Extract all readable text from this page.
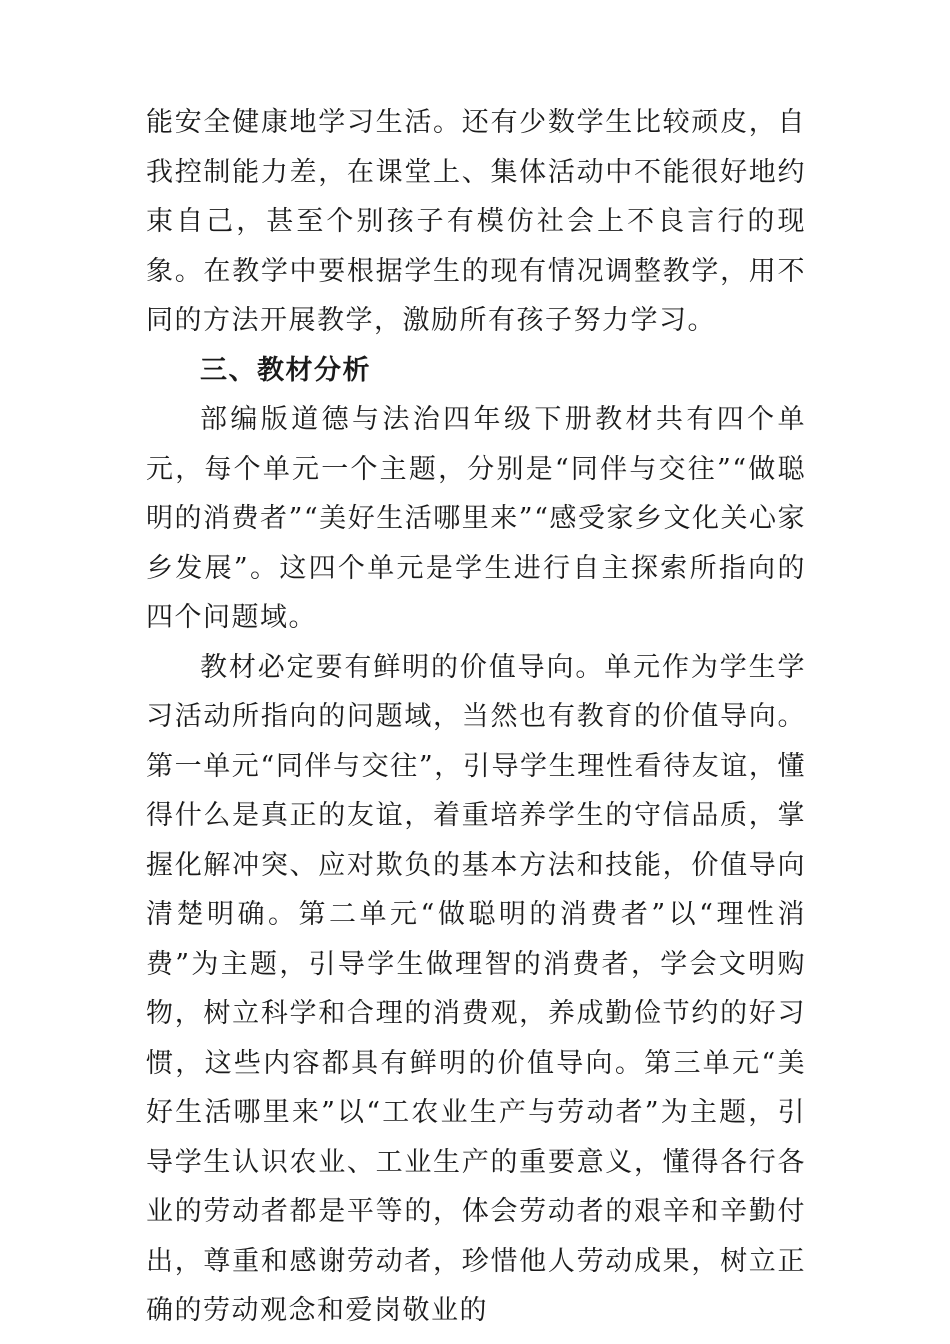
能安全健康地学习生活。还有少数学生比较顽皮，自我控制能力差，在课堂上、集体活动中不能很好地约束自己，甚至个别孩子有模仿社会上不良言行的现象。在教学中要根据学生的现有情况调整教学，用不同的方法开展教学，激励所有孩子努力学习。

三、教材分析

部编版道德与法治四年级下册教材共有四个单元，每个单元一个主题，分别是“同伴与交往”“做聪明的消费者”“美好生活哪里来”“感受家乡文化关心家乡发展”。这四个单元是学生进行自主探索所指向的四个问题域。

教材必定要有鲜明的价值导向。单元作为学生学习活动所指向的问题域，当然也有教育的价值导向。第一单元“同伴与交往”，引导学生理性看待友谊，懂得什么是真正的友谊，着重培养学生的守信品质，掌握化解冲突、应对欺负的基本方法和技能，价值导向清楚明确。第二单元“做聪明的消费者”以“理性消费”为主题，引导学生做理智的消费者，学会文明购物，树立科学和合理的消费观，养成勤俭节约的好习惯，这些内容都具有鲜明的价值导向。第三单元“美好生活哪里来”以“工农业生产与劳动者”为主题，引导学生认识农业、工业生产的重要意义，懂得各行各业的劳动者都是平等的，体会劳动者的艰辛和辛勤付出，尊重和感谢劳动者，珍惜他人劳动成果，树立正确的劳动观念和爱岗敬业的
